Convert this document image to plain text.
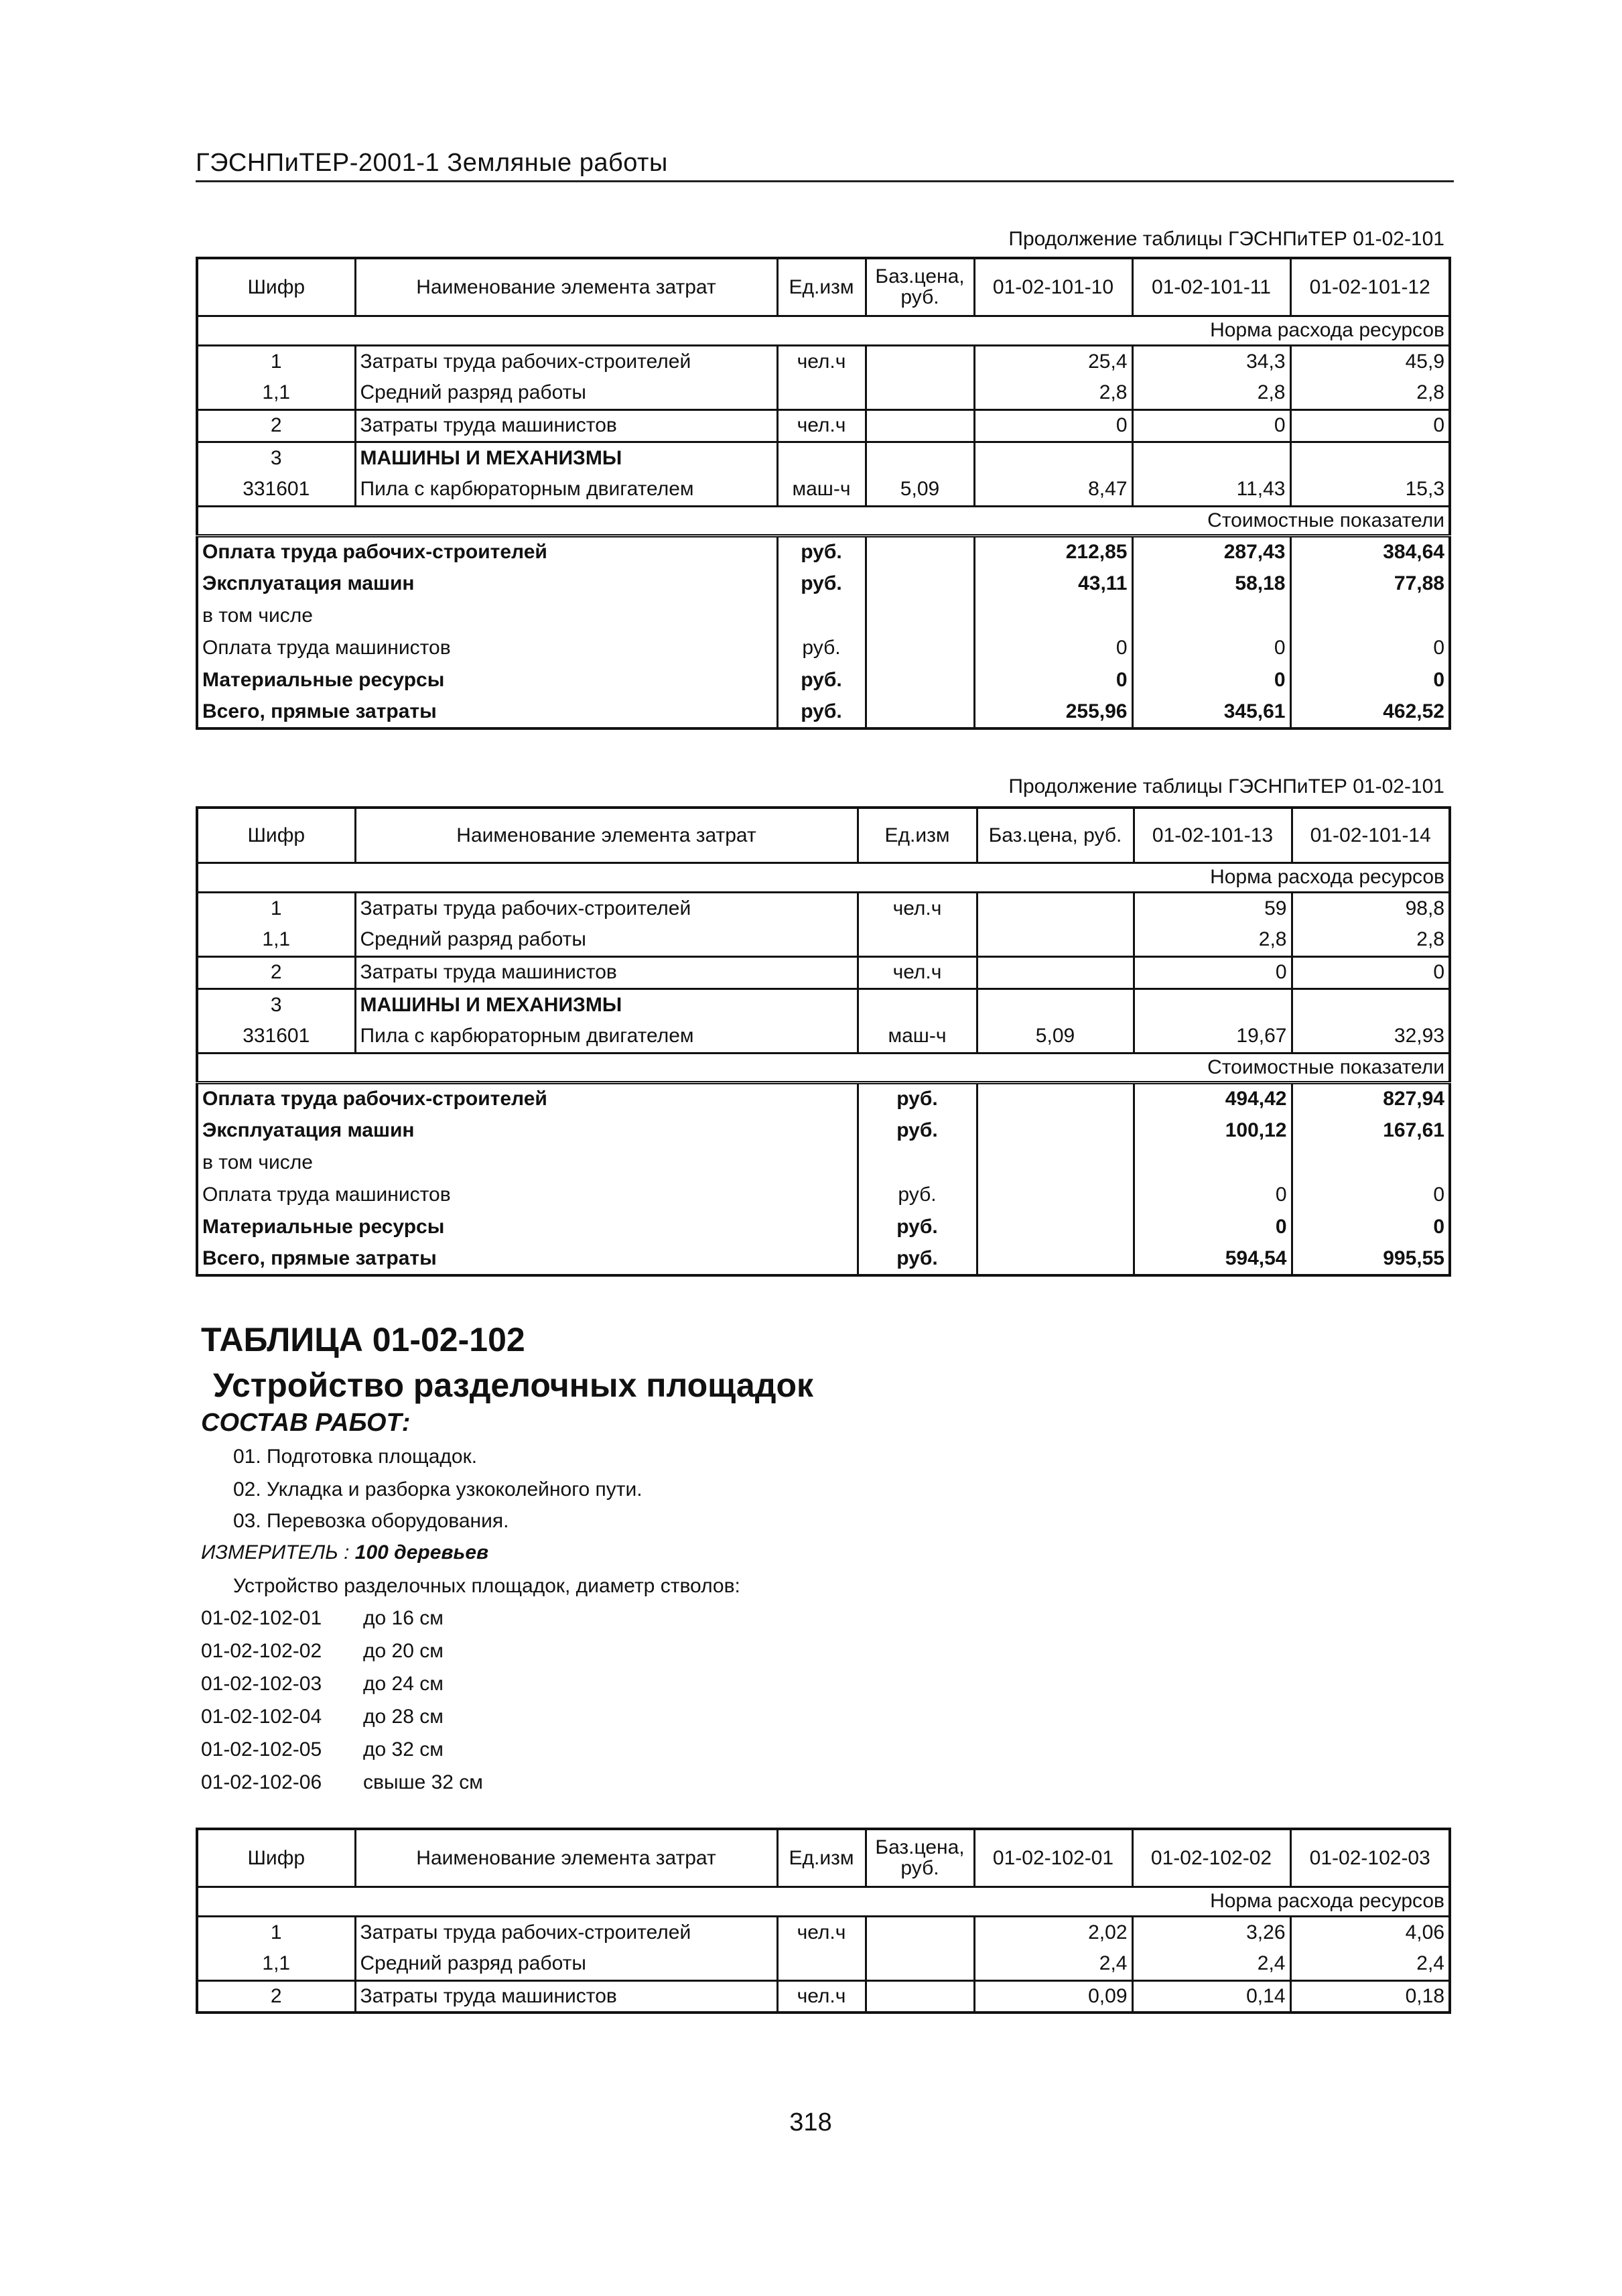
ГЭСНПиТЕР-2001-1 Земляные работы
Продолжение таблицы ГЭСНПиТЕР 01-02-101
Шифр	Наименование элемента затрат	Ед.изм	Баз.цена, руб.	01-02-101-10	01-02-101-11	01-02-101-12
Норма расхода ресурсов						
1	Затраты труда рабочих-строителей	чел.ч		25,4	34,3	45,9
1,1	Средний разряд работы			2,8	2,8	2,8
2	Затраты труда машинистов	чел.ч		0	0	0
3	МАШИНЫ И МЕХАНИЗМЫ					
331601	Пила с карбюраторным двигателем	маш-ч	5,09	8,47	11,43	15,3
Стоимостные показатели						
Оплата труда рабочих-строителей		руб.		212,85	287,43	384,64
Эксплуатация машин		руб.		43,11	58,18	77,88
в том числе						
Оплата труда машинистов		руб.		0	0	0
Материальные ресурсы		руб.		0	0	0
Всего, прямые затраты		руб.		255,96	345,61	462,52
Продолжение таблицы ГЭСНПиТЕР 01-02-101
Шифр	Наименование элемента затрат	Ед.изм	Баз.цена, руб.	01-02-101-13	01-02-101-14
Норма расхода ресурсов					
1	Затраты труда рабочих-строителей	чел.ч		59	98,8
1,1	Средний разряд работы			2,8	2,8
2	Затраты труда машинистов	чел.ч		0	0
3	МАШИНЫ И МЕХАНИЗМЫ				
331601	Пила с карбюраторным двигателем	маш-ч	5,09	19,67	32,93
Стоимостные показатели					
Оплата труда рабочих-строителей		руб.		494,42	827,94
Эксплуатация машин		руб.		100,12	167,61
в том числе					
Оплата труда машинистов		руб.		0	0
Материальные ресурсы		руб.		0	0
Всего, прямые затраты		руб.		594,54	995,55
ТАБЛИЦА 01-02-102
Устройство разделочных площадок
СОСТАВ РАБОТ:
01. Подготовка площадок.
02. Укладка и разборка узкоколейного пути.
03. Перевозка оборудования.
ИЗМЕРИТЕЛЬ : 100 деревьев
Устройство разделочных площадок, диаметр стволов:
01-02-102-01 до 16 см
01-02-102-02 до 20 см
01-02-102-03 до 24 см
01-02-102-04 до 28 см
01-02-102-05 до 32 см
01-02-102-06 свыше 32 см
Шифр	Наименование элемента затрат	Ед.изм	Баз.цена, руб.	01-02-102-01	01-02-102-02	01-02-102-03
Норма расхода ресурсов						
1	Затраты труда рабочих-строителей	чел.ч		2,02	3,26	4,06
1,1	Средний разряд работы			2,4	2,4	2,4
2	Затраты труда машинистов	чел.ч		0,09	0,14	0,18
318
